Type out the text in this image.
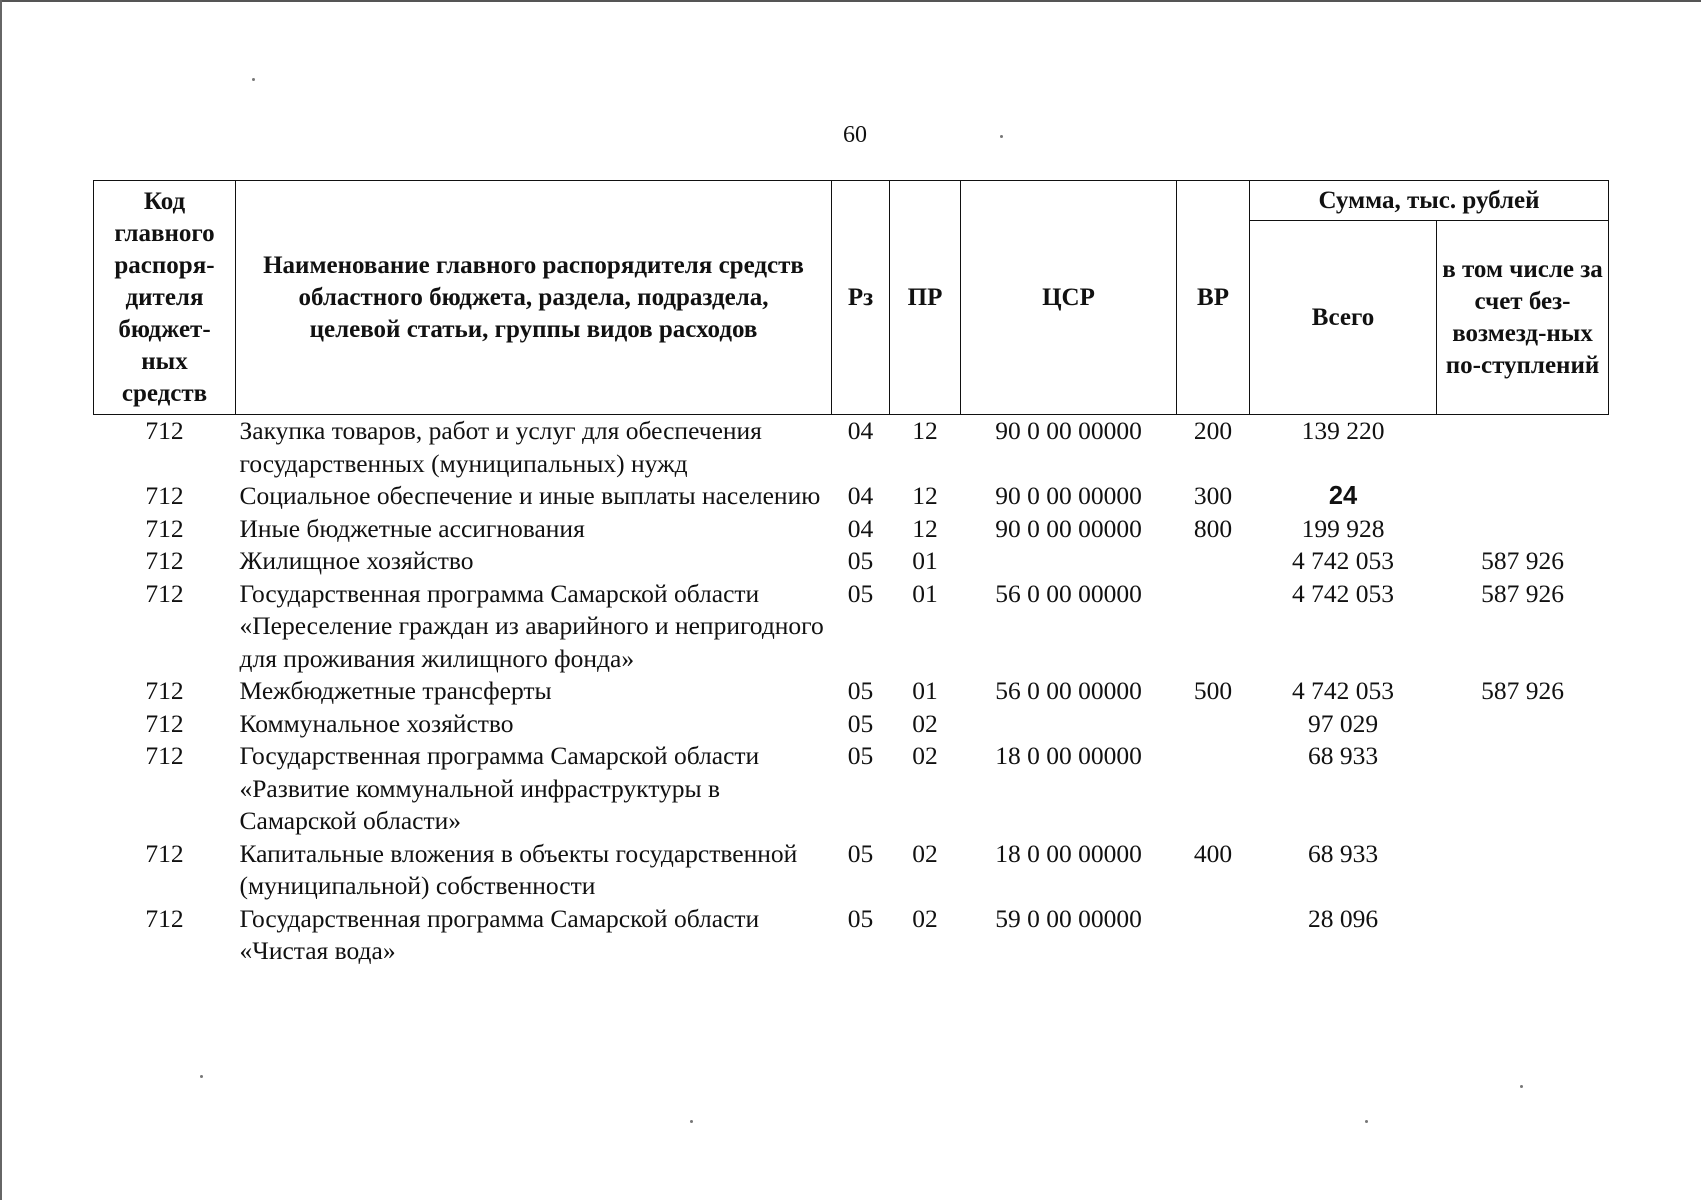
60
Код главного распоря-дителя бюджет-ных средств	Наименование главного распорядителя средств областного бюджета, раздела, подраздела, целевой статьи, группы видов расходов	Рз	ПР	ЦСР	ВР	Сумма, тыс. рублей	
						Всего	в том числе за счет без-возмезд-ных по-ступлений
712	Закупка товаров, работ и услуг для обеспечения государственных (муниципальных) нужд	04	12	90 0 00 00000	200	139 220	
712	Социальное обеспечение и иные выплаты населению	04	12	90 0 00 00000	300	24	
712	Иные бюджетные ассигнования	04	12	90 0 00 00000	800	199 928	
712	Жилищное хозяйство	05	01			4 742 053	587 926
712	Государственная программа Самарской области «Переселение граждан из аварийного и непригодного для проживания жилищного фонда»	05	01	56 0 00 00000		4 742 053	587 926
712	Межбюджетные трансферты	05	01	56 0 00 00000	500	4 742 053	587 926
712	Коммунальное хозяйство	05	02			97 029	
712	Государственная программа Самарской области «Развитие коммунальной инфраструктуры в Самарской области»	05	02	18 0 00 00000		68 933	
712	Капитальные вложения в объекты государственной (муниципальной) собственности	05	02	18 0 00 00000	400	68 933	
712	Государственная программа Самарской области «Чистая вода»	05	02	59 0 00 00000		28 096	
